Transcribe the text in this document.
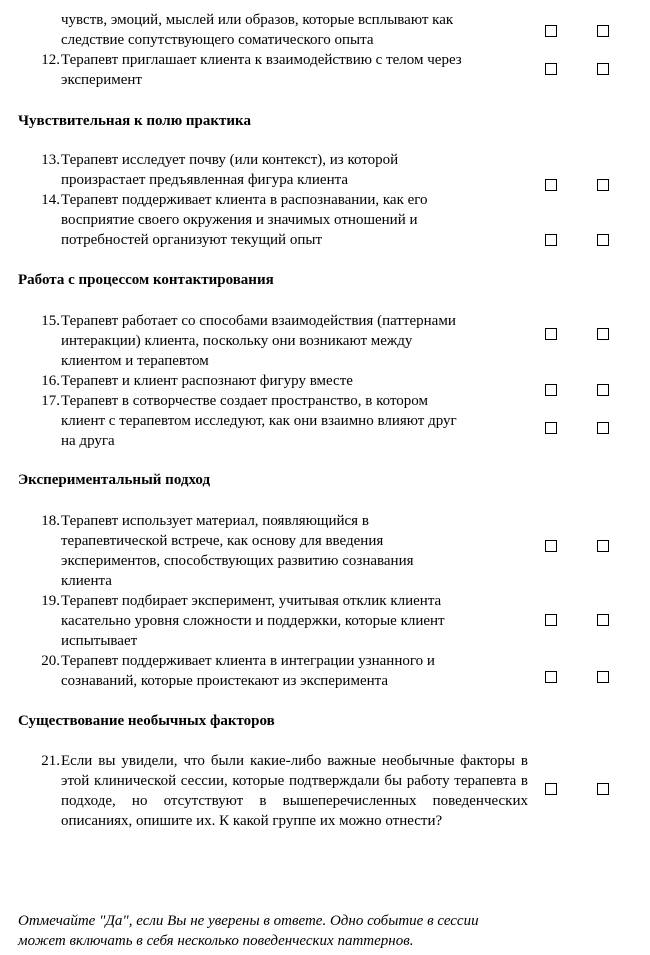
чувств, эмоций, мыслей или образов, которые всплывают как
следствие сопутствующего соматического опыта
12. Терапевт приглашает клиента к взаимодействию с телом через
эксперимент
Чувствительная к полю практика
13. Терапевт исследует почву (или контекст), из которой
произрастает предъявленная фигура клиента
14. Терапевт поддерживает клиента в распознавании, как его
восприятие своего окружения и значимых отношений и
потребностей организуют текущий опыт
Работа с процессом контактирования
15. Терапевт работает со способами взаимодействия (паттернами
интеракции) клиента, поскольку они возникают между
клиентом и терапевтом
16. Терапевт и клиент распознают фигуру вместе
17. Терапевт в сотворчестве создает пространство, в котором
клиент с терапевтом исследуют, как они взаимно влияют друг
на друга
Экспериментальный подход
18. Терапевт использует материал, появляющийся в
терапевтической встрече, как основу для введения
экспериментов, способствующих развитию сознавания
клиента
19. Терапевт подбирает эксперимент, учитывая отклик клиента
касательно уровня сложности и поддержки, которые клиент
испытывает
20. Терапевт поддерживает клиента в интеграции узнанного и
сознаваний, которые проистекают из эксперимента
Существование необычных факторов
21. Если вы увидели, что были какие-либо важные необычные факторы в этой клинической сессии, которые подтверждали бы работу терапевта в подходе, но отсутствуют в вышеперечисленных поведенческих описаниях, опишите их. К какой группе их можно отнести?
Отмечайте "Да", если Вы не уверены в ответе. Одно событие в сессии
может включать в себя несколько поведенческих паттернов.
